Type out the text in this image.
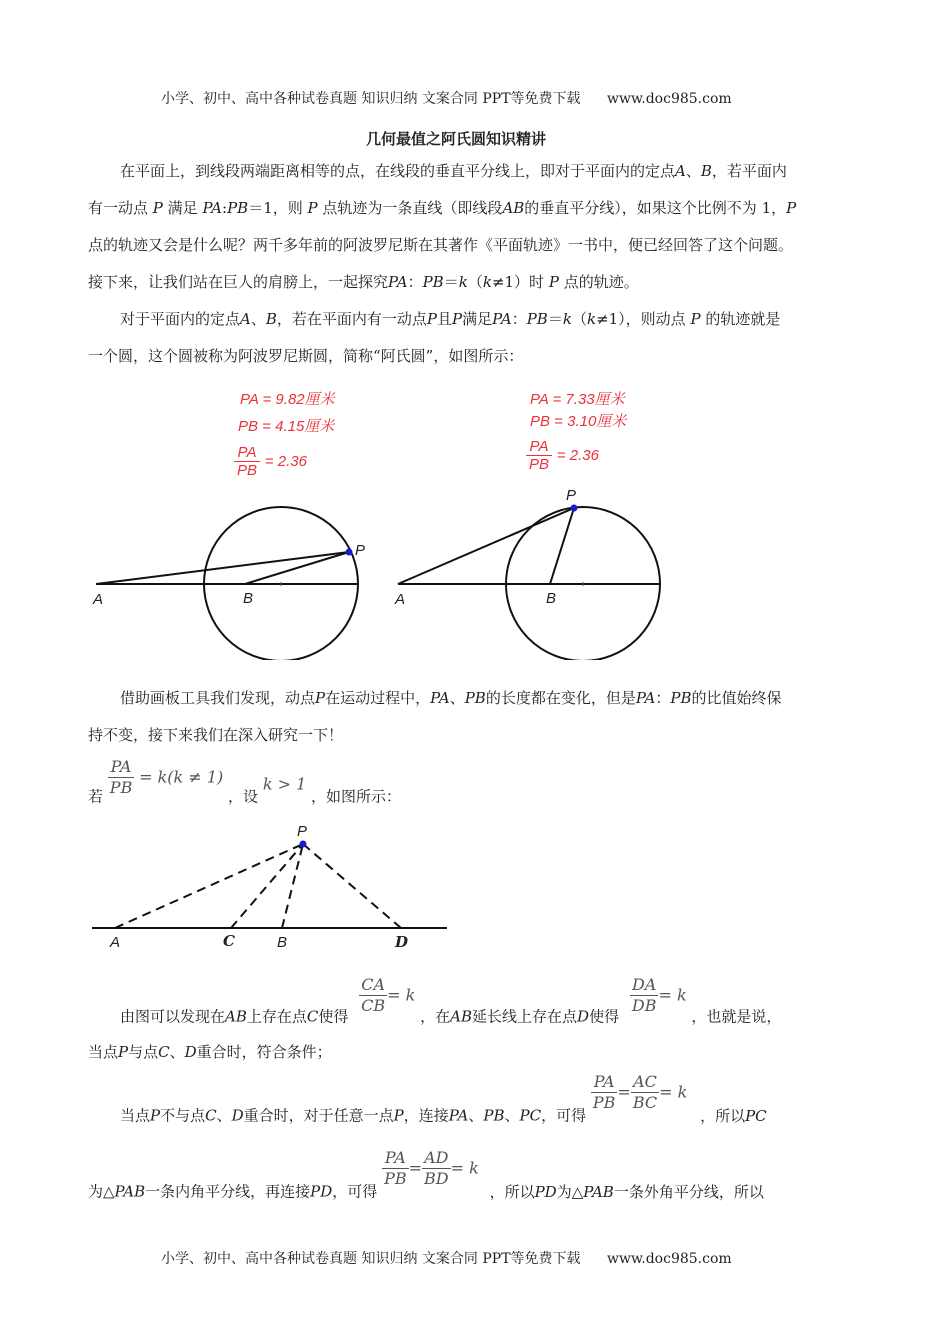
小学、初中、高中各种试卷真题 知识归纳 文案合同 PPT等免费下载 www.doc985.com
几何最值之阿氏圆知识精讲
在平面上，到线段两端距离相等的点，在线段的垂直平分线上，即对于平面内的定点A、B，若平面内
有一动点 P 满足 PA:PB＝1，则 P 点轨迹为一条直线（即线段AB的垂直平分线），如果这个比例不为 1，P
点的轨迹又会是什么呢？两千多年前的阿波罗尼斯在其著作《平面轨迹》一书中，便已经回答了这个问题。
接下来，让我们站在巨人的肩膀上，一起探究PA：PB＝k（k≠1）时 P 点的轨迹。
对于平面内的定点A、B，若在平面内有一动点P且P满足PA：PB＝k（k≠1），则动点 P 的轨迹就是
一个圆，这个圆被称为阿波罗尼斯圆，简称“阿氏圆”，如图所示：
PA = 9.82厘米
PB = 4.15厘米
$\frac{PA}{PB} = 2.36$
PA = 7.33厘米
PB = 3.10厘米
$\frac{PA}{PB} = 2.36$
A	B
P
A	B
P
借助画板工具我们发现，动点P在运动过程中，PA、PB的长度都在变化，但是PA：PB的比值始终保
持不变，接下来我们在深入研究一下！
若 $\frac{PA}{PB} = k(k \ne 1)$ ，设 k > 1 ，如图所示：
P
A	C	B	D
由图可以发现在AB上存在点C使得
$\frac{CA}{CB} = k$ ，在AB延长线上存在点D使得
$\frac{DA}{DB} = k$ ，也就是说，
当点P与点C、D重合时，符合条件；
当点P不与点C、D重合时，对于任意一点P，连接PA、PB、PC，可得
$\frac{PA}{PB} = \frac{AC}{BC} = k$ ，所以PC
为△PAB一条内角平分线，再连接PD，可得
$\frac{PA}{PB} = \frac{AD}{BD} = k$ ，所以PD为△PAB一条外角平分线，所以
小学、初中、高中各种试卷真题 知识归纳 文案合同 PPT等免费下载 www.doc985.com
